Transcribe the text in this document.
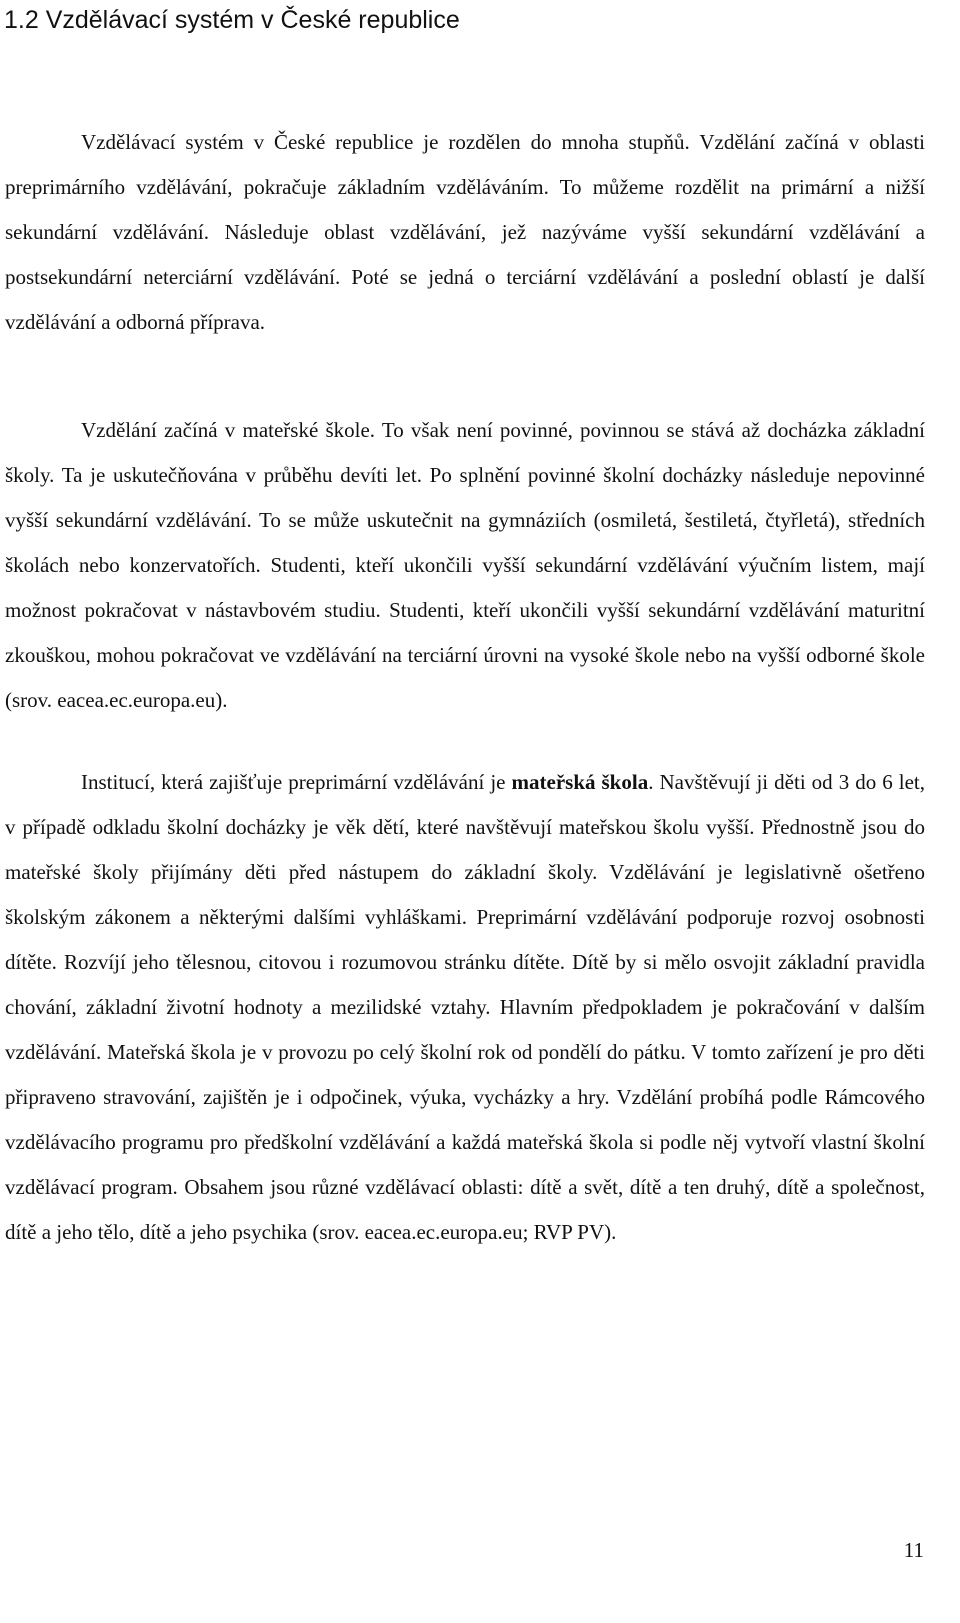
1.2 Vzdělávací systém v České republice

Vzdělávací systém v České republice je rozdělen do mnoha stupňů. Vzdělání začíná v oblasti preprimárního vzdělávání, pokračuje základním vzděláváním. To můžeme rozdělit na primární a nižší sekundární vzdělávání. Následuje oblast vzdělávání, jež nazýváme vyšší sekundární vzdělávání a postsekundární neterciární vzdělávání. Poté se jedná o terciární vzdělávání a poslední oblastí je další vzdělávání a odborná příprava.

Vzdělání začíná v mateřské škole. To však není povinné, povinnou se stává až docházka základní školy. Ta je uskutečňována v průběhu devíti let. Po splnění povinné školní docházky následuje nepovinné vyšší sekundární vzdělávání. To se může uskutečnit na gymnáziích (osmiletá, šestiletá, čtyřletá), středních školách nebo konzervatořích. Studenti, kteří ukončili vyšší sekundární vzdělávání výučním listem, mají možnost pokračovat v nástavbovém studiu. Studenti, kteří ukončili vyšší sekundární vzdělávání maturitní zkouškou, mohou pokračovat ve vzdělávání na terciární úrovni na vysoké škole nebo na vyšší odborné škole (srov. eacea.ec.europa.eu).

Institucí, která zajišťuje preprimární vzdělávání je mateřská škola. Navštěvují ji děti od 3 do 6 let, v případě odkladu školní docházky je věk dětí, které navštěvují mateřskou školu vyšší. Přednostně jsou do mateřské školy přijímány děti před nástupem do základní školy. Vzdělávání je legislativně ošetřeno školským zákonem a některými dalšími vyhláškami. Preprimární vzdělávání podporuje rozvoj osobnosti dítěte. Rozvíjí jeho tělesnou, citovou i rozumovou stránku dítěte. Dítě by si mělo osvojit základní pravidla chování, základní životní hodnoty a mezilidské vztahy. Hlavním předpokladem je pokračování v dalším vzdělávání. Mateřská škola je v provozu po celý školní rok od pondělí do pátku. V tomto zařízení je pro děti připraveno stravování, zajištěn je i odpočinek, výuka, vycházky a hry. Vzdělání probíhá podle Rámcového vzdělávacího programu pro předškolní vzdělávání a každá mateřská škola si podle něj vytvoří vlastní školní vzdělávací program. Obsahem jsou různé vzdělávací oblasti: dítě a svět, dítě a ten druhý, dítě a společnost, dítě a jeho tělo, dítě a jeho psychika (srov. eacea.ec.europa.eu; RVP PV).

11
